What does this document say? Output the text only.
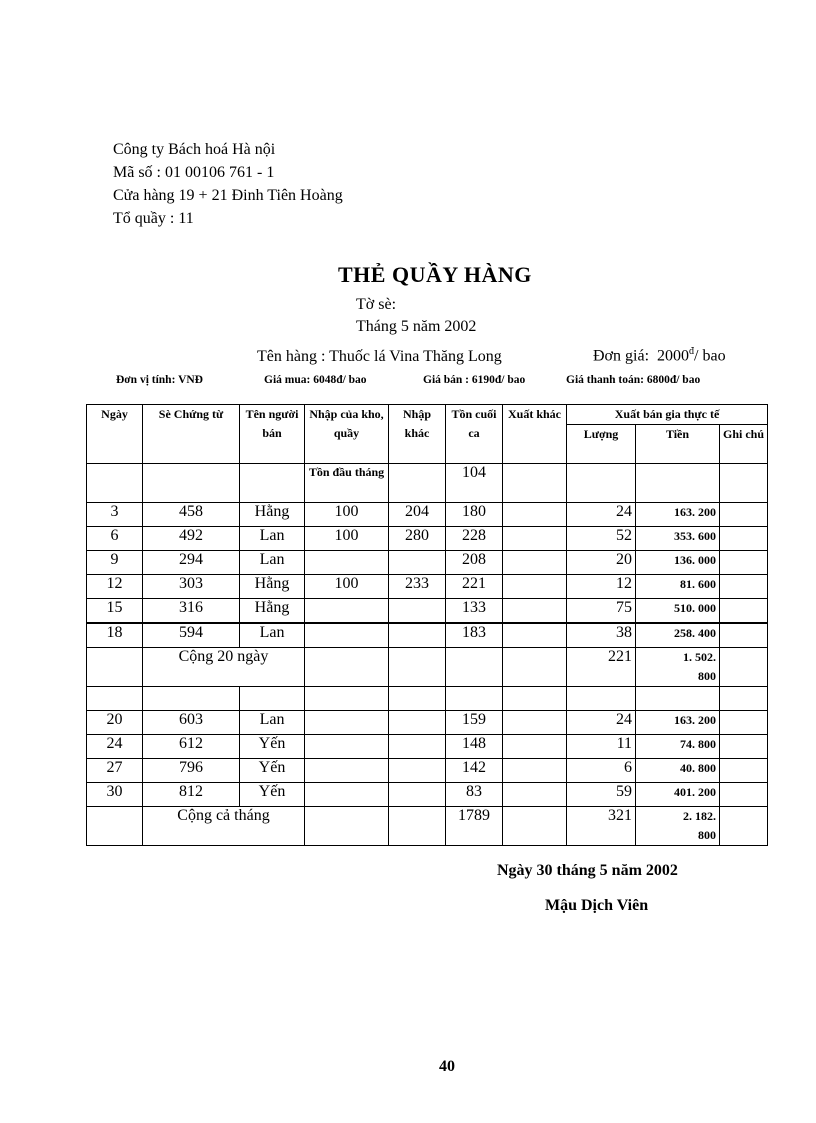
Công ty Bách hoá Hà nội
Mã số : 01 00106 761 - 1
Cửa hàng 19 + 21 Đinh Tiên Hoàng
Tổ quầy : 11
THẺ QUẦY HÀNG
Tờ sè:
Tháng 5 năm 2002
Tên hàng : Thuốc lá Vina Thăng Long	Đơn giá: $2000^đ/$ bao
Đơn vị tính: VNĐ	Giá mua: 6048đ/ bao	Giá bán : 6190đ/ bao	Giá thanh toán: 6800đ/ bao
Ngày	Sè Chứng từ	Tên người bán	Nhập của kho, quầy	Nhập khác	Tồn cuối ca	Xuất khác	Xuất bán gia thực tế		
							Lượng	Tiền	Ghi chú
			Tồn đầu tháng		104				
3	458	Hằng	100	204	180		24	163. 200	
6	492	Lan	100	280	228		52	353. 600	
9	294	Lan			208		20	136. 000	
12	303	Hằng	100	233	221		12	81. 600	
15	316	Hằng			133		75	510. 000	
18	594	Lan			183		38	258. 400	
	Cộng 20 ngày						221	1. 502.
800	

20	603	Lan			159		24	163. 200	
24	612	Yến			148		11	74. 800	
27	796	Yến			142		6	40. 800	
30	812	Yến			83		59	401. 200	
	Cộng cả tháng				1789		321	2. 182.
800	
Ngày 30 tháng 5 năm 2002
Mậu Dịch Viên
40
